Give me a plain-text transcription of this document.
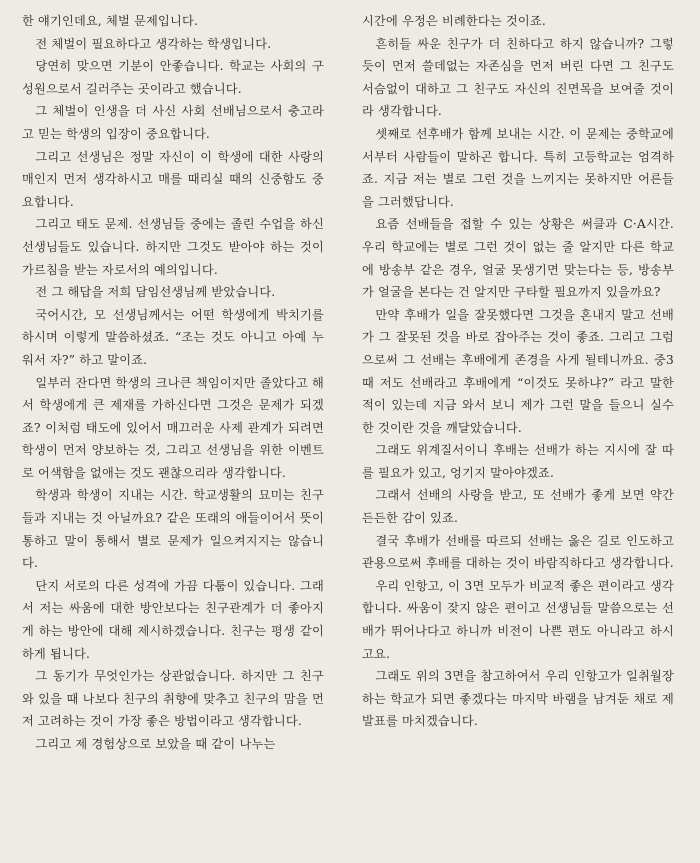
한 얘기인데요, 체벌 문제입니다.

전 체벌이 필요하다고 생각하는 학생입니다.

당연히 맞으면 기분이 안좋습니다. 학교는 사회의 구성원으로서 길러주는 곳이라고 했습니다.

그 체벌이 인생을 더 사신 사회 선배님으로서 충고라고 믿는 학생의 입장이 중요합니다.

그리고 선생님은 정말 자신이 이 학생에 대한 사랑의 매인지 먼저 생각하시고 매를 때리실 때의 신중함도 중요합니다.

그리고 태도 문제. 선생님들 중에는 졸린 수업을 하신 선생님들도 있습니다. 하지만 그것도 받아야 하는 것이 가르침을 받는 자로서의 예의입니다.

전 그 해답을 저희 담임선생님께 받았습니다.

국어시간, 모 선생님께서는 어떤 학생에게 박치기를 하시며 이렇게 말씀하셨죠. “조는 것도 아니고 아예 누워서 자?” 하고 말이죠.

일부러 잔다면 학생의 크나큰 책임이지만 졸았다고 해서 학생에게 큰 제재를 가하신다면 그것은 문제가 되겠죠? 이처럼 태도에 있어서 매끄러운 사제 관계가 되려면 학생이 먼저 양보하는 것, 그리고 선생님을 위한 이벤트로 어색함을 없애는 것도 괜찮으리라 생각합니다.

학생과 학생이 지내는 시간. 학교생활의 묘미는 친구들과 지내는 것 아닐까요? 같은 또래의 애들이어서 뜻이 통하고 말이 통해서 별로 문제가 일으켜지지는 않습니다.

단지 서로의 다른 성격에 가끔 다툼이 있습니다. 그래서 저는 싸움에 대한 방안보다는 친구관계가 더 좋아지게 하는 방안에 대해 제시하겠습니다. 친구는 평생 같이 하게 됩니다.

그 동기가 무엇인가는 상관없습니다. 하지만 그 친구와 있을 때 나보다 친구의 취향에 맞추고 친구의 맘을 먼저 고려하는 것이 가장 좋은 방법이라고 생각합니다.

그리고 제 경험상으로 보았을 때 같이 나누는

시간에 우정은 비례한다는 것이죠.

흔히들 싸운 친구가 더 친하다고 하지 않습니까? 그렇듯이 먼저 쓸데없는 자존심을 먼저 버린 다면 그 친구도 서슴없이 대하고 그 친구도 자신의 진면목을 보여줄 것이라 생각합니다.

셋째로 선후배가 함께 보내는 시간. 이 문제는 중학교에서부터 사람들이 말하곤 합니다. 특히 고등학교는 엄격하죠. 지금 저는 별로 그런 것을 느끼지는 못하지만 어른들을 그러했답니다.

요즘 선배들을 접할 수 있는 상황은 써클과 C·A시간. 우리 학교에는 별로 그런 것이 없는 줄 알지만 다른 학교에 방송부 같은 경우, 얼굴 못생기면 맞는다는 등, 방송부가 얼굴을 본다는 건 알지만 구타할 필요까지 있을까요?

만약 후배가 일을 잘못했다면 그것을 혼내지 말고 선배가 그 잘못된 것을 바로 잡아주는 것이 좋죠. 그리고 그럼으로써 그 선배는 후배에게 존경을 사게 될테니까요. 중3때 저도 선배라고 후배에게 “이것도 못하냐?” 라고 말한 적이 있는데 지금 와서 보니 제가 그런 말을 들으니 실수한 것이란 것을 깨달았습니다.

그래도 위계질서이니 후배는 선배가 하는 지시에 잘 따를 필요가 있고, 엉기지 말아야겠죠.

그래서 선배의 사랑을 받고, 또 선배가 좋게 보면 약간 든든한 감이 있죠.

결국 후배가 선배를 따르되 선배는 옳은 길로 인도하고 관용으로써 후배를 대하는 것이 바람직하다고 생각합니다.

우리 인항고, 이 3면 모두가 비교적 좋은 편이라고 생각합니다. 싸움이 잦지 않은 편이고 선생님들 말씀으로는 선배가 뛰어나다고 하니까 비전이 나쁜 편도 아니라고 하시고요.

그래도 위의 3면을 참고하여서 우리 인항고가 일취월장하는 학교가 되면 좋겠다는 마지막 바램을 남겨둔 채로 제 발표를 마치겠습니다.
